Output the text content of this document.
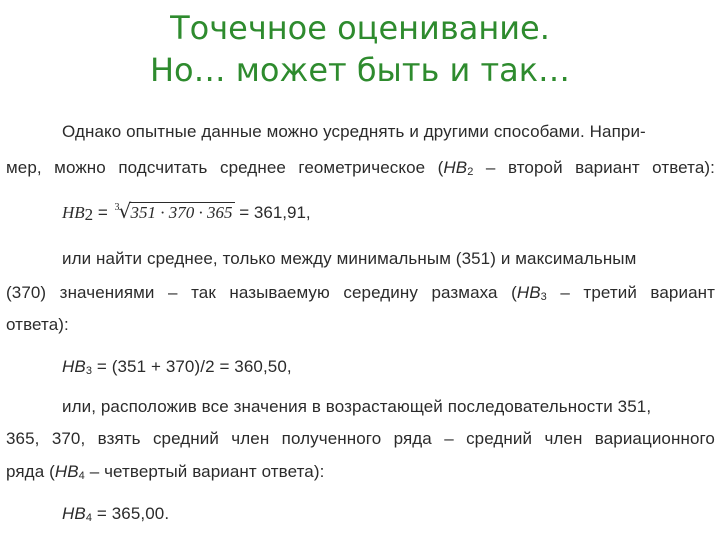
Точечное оценивание.
Но… может быть и так…
Однако опытные данные можно усреднять и другими способами. Напри-
мер, можно подсчитать среднее геометрическое ($HB_2$ – второй вариант ответа):
$HB_2 = 3$ √ 351 · 370 · 365 = 361,91,
или найти среднее, только между минимальным (351) и максимальным
(370) значениями – так называемую середину размаха ($HB_3$ – третий вариант
ответа):
$HB_3 = (351 + 370)/2 = 360,50$,
или, расположив все значения в возрастающей последовательности 351,
365, 370, взять средний член полученного ряда – средний член вариационного
ряда ($HB_4$ – четвертый вариант ответа):
$HB_4 = 365,00$.
